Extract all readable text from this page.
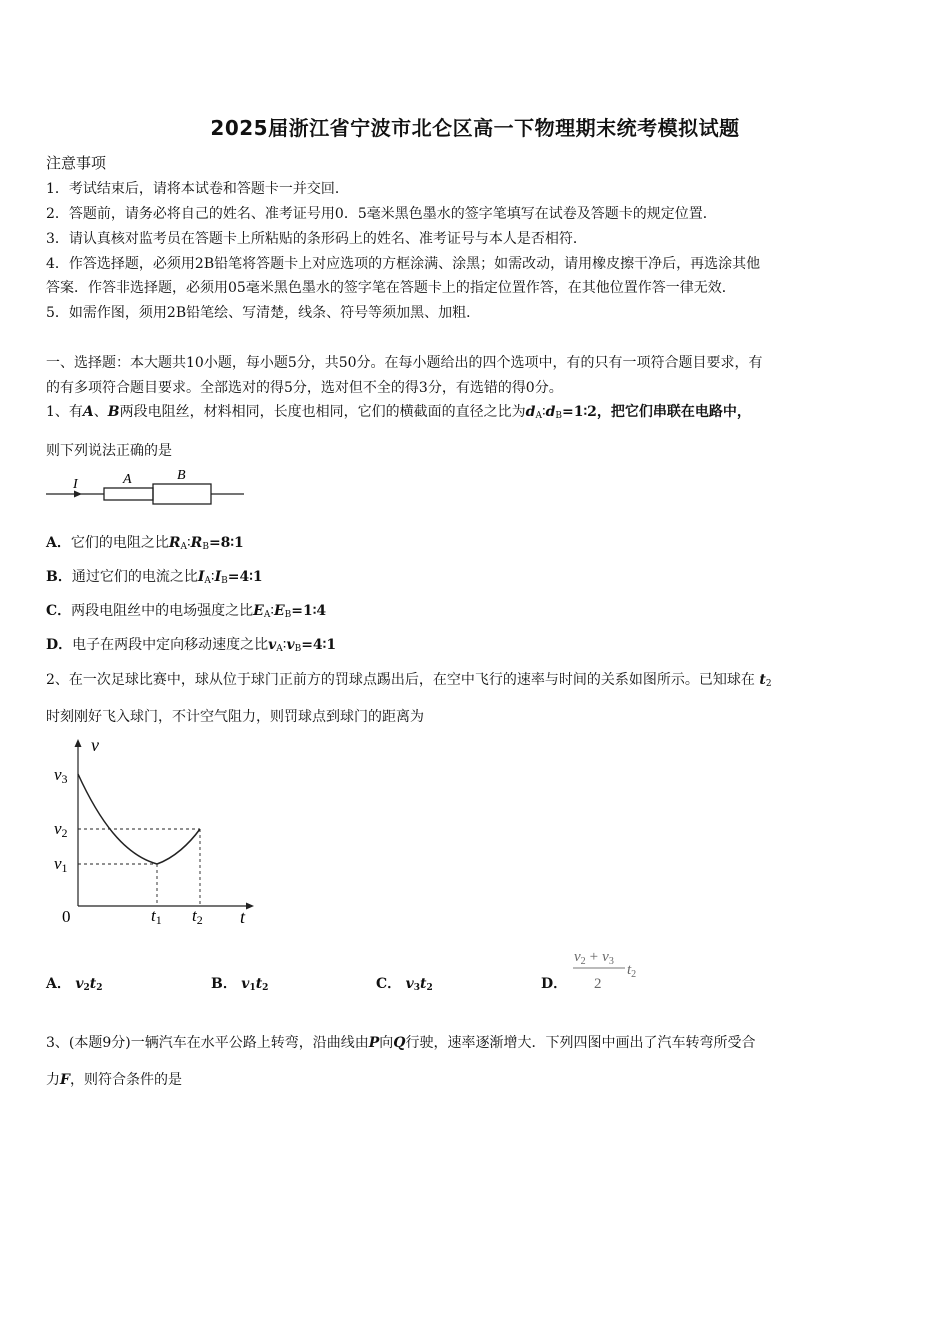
2025届浙江省宁波市北仑区高一下物理期末统考模拟试题
注意事项
1．考试结束后，请将本试卷和答题卡一并交回．
2．答题前，请务必将自己的姓名、准考证号用0．5毫米黑色墨水的签字笔填写在试卷及答题卡的规定位置．
3．请认真核对监考员在答题卡上所粘贴的条形码上的姓名、准考证号与本人是否相符．
4．作答选择题，必须用2B铅笔将答题卡上对应选项的方框涂满、涂黑；如需改动，请用橡皮擦干净后，再选涂其他
答案．作答非选择题，必须用05毫米黑色墨水的签字笔在答题卡上的指定位置作答，在其他位置作答一律无效．
5．如需作图，须用2B铅笔绘、写清楚，线条、符号等须加黑、加粗．
一、选择题：本大题共10小题，每小题5分，共50分。在每小题给出的四个选项中，有的只有一项符合题目要求，有
的有多项符合题目要求。全部选对的得5分，选对但不全的得3分，有选错的得0分。
1、有A、B两段电阻丝，材料相同，长度也相同，它们的横截面的直径之比为$d_A∶d_B=1∶2$，把它们串联在电路中，
则下列说法正确的是
I	A	B
A．它们的电阻之比$R_A∶R_B=8∶1$
B．通过它们的电流之比$I_A∶I_B=4∶1$
C．两段电阻丝中的电场强度之比$E_A∶E_B=1∶4$
D．电子在两段中定向移动速度之比$v_A∶v_B=4∶1$
2、在一次足球比赛中，球从位于球门正前方的罚球点踢出后，在空中飞行的速率与时间的关系如图所示。已知球在 $t_2$
时刻刚好飞入球门，不计空气阻力，则罚球点到球门的距离为
v
t
0
v3
v2
v1
t1 t2
A． $v_2t_2$	B． $v_1t_2$	C． $v_3t_2$	D．
$v_2 + v_3$
2
$t_2$
3、(本题9分)一辆汽车在水平公路上转弯，沿曲线由P向Q行驶，速率逐渐增大．下列四图中画出了汽车转弯所受合
力F，则符合条件的是
